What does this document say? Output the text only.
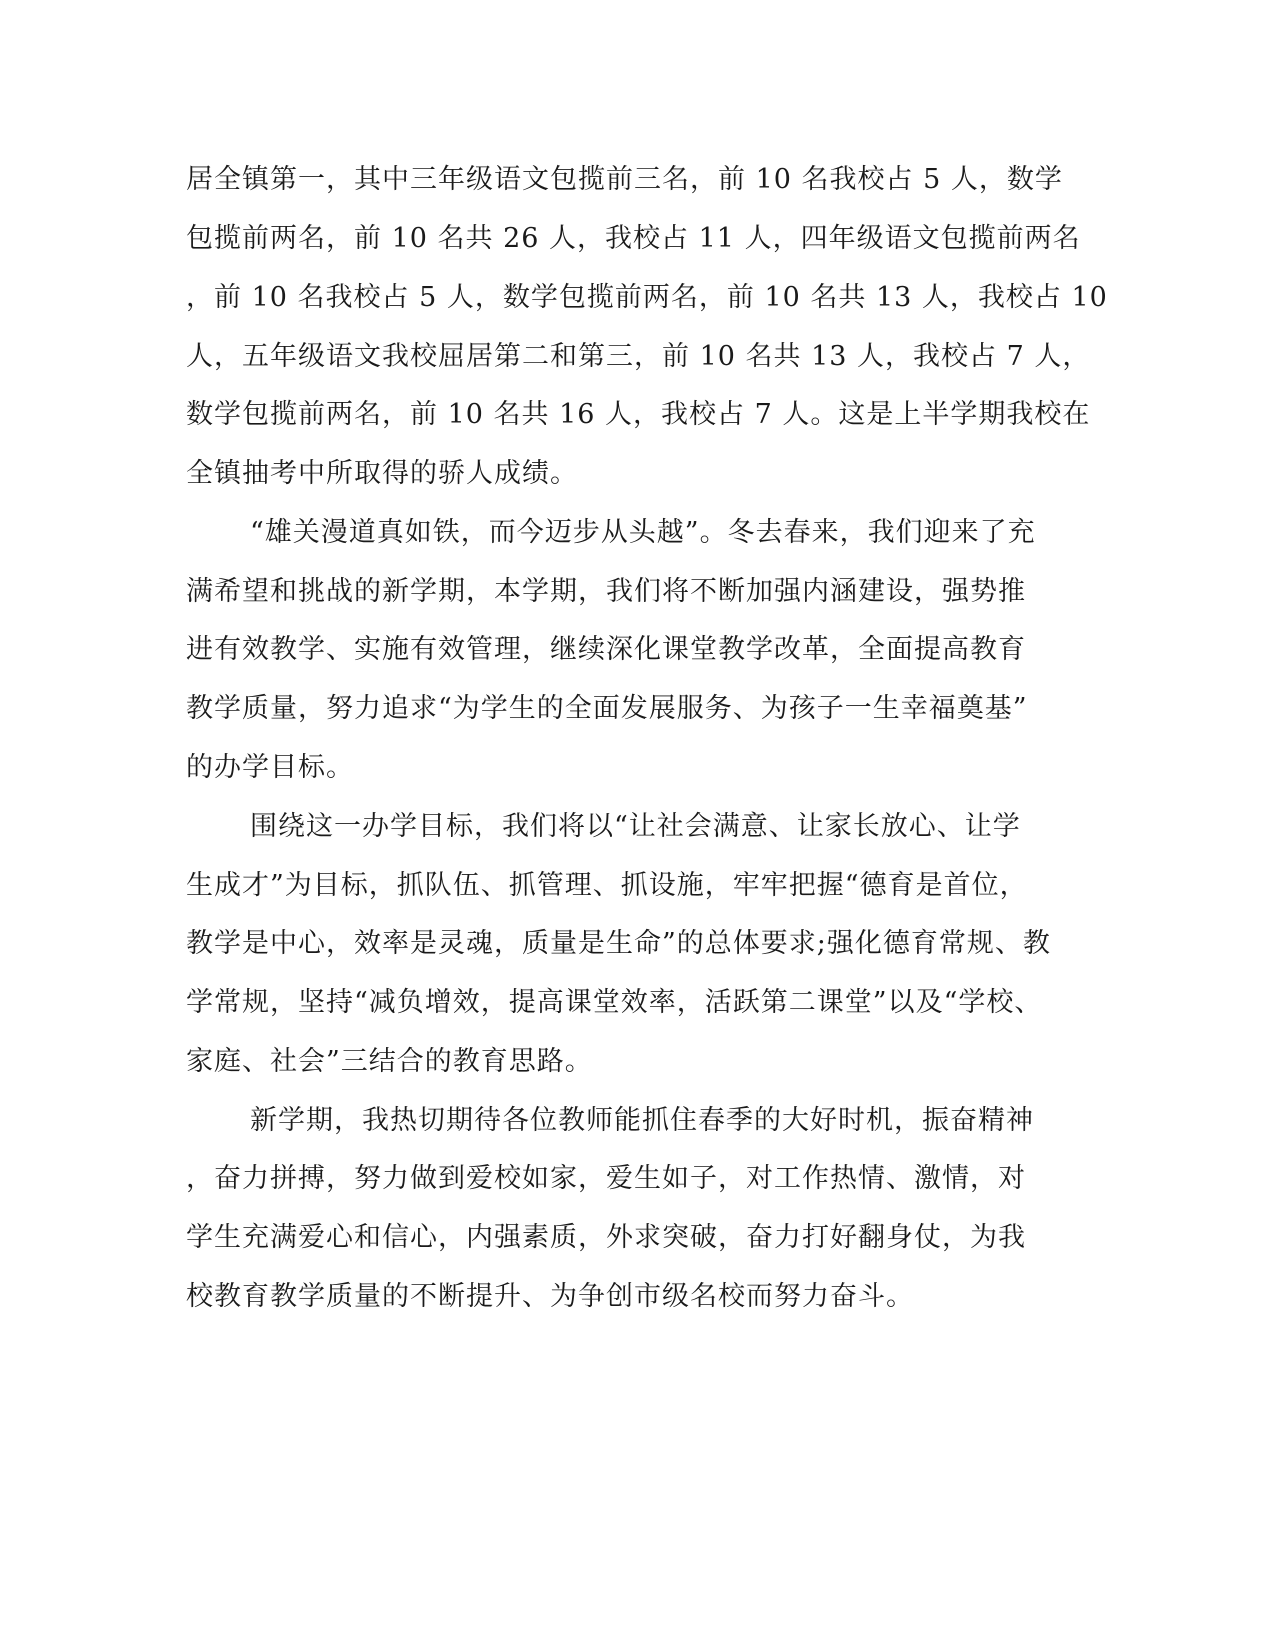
居全镇第一，其中三年级语文包揽前三名，前 10 名我校占 5 人，数学
包揽前两名，前 10 名共 26 人，我校占 11 人，四年级语文包揽前两名
，前 10 名我校占 5 人，数学包揽前两名，前 10 名共 13 人，我校占 10
人，五年级语文我校屈居第二和第三，前 10 名共 13 人，我校占 7 人，
数学包揽前两名，前 10 名共 16 人，我校占 7 人。这是上半学期我校在
全镇抽考中所取得的骄人成绩。
“雄关漫道真如铁，而今迈步从头越”。冬去春来，我们迎来了充
满希望和挑战的新学期，本学期，我们将不断加强内涵建设，强势推
进有效教学、实施有效管理，继续深化课堂教学改革，全面提高教育
教学质量，努力追求“为学生的全面发展服务、为孩子一生幸福奠基”
的办学目标。
围绕这一办学目标，我们将以“让社会满意、让家长放心、让学
生成才”为目标，抓队伍、抓管理、抓设施，牢牢把握“德育是首位，
教学是中心，效率是灵魂，质量是生命”的总体要求;强化德育常规、教
学常规，坚持“减负增效，提高课堂效率，活跃第二课堂”以及“学校、
家庭、社会”三结合的教育思路。
新学期，我热切期待各位教师能抓住春季的大好时机，振奋精神
，奋力拼搏，努力做到爱校如家，爱生如子，对工作热情、激情，对
学生充满爱心和信心，内强素质，外求突破，奋力打好翻身仗，为我
校教育教学质量的不断提升、为争创市级名校而努力奋斗。
